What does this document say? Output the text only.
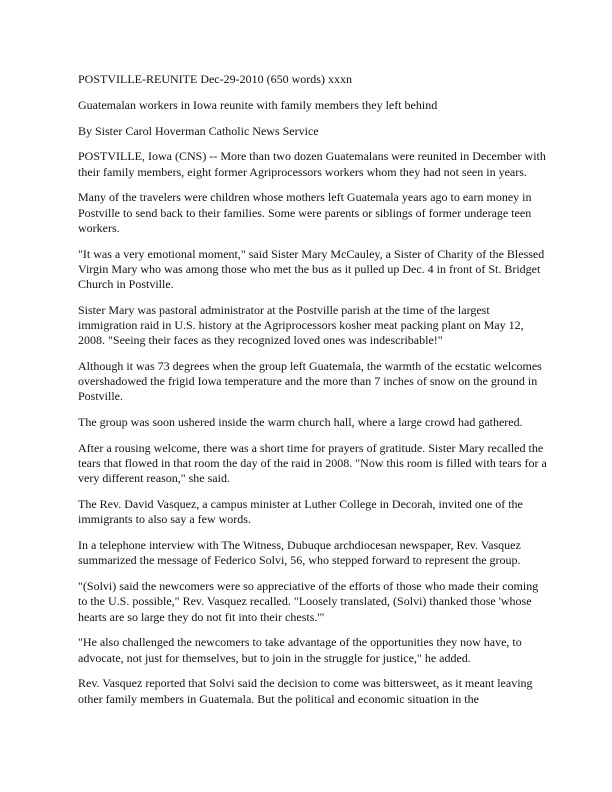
POSTVILLE-REUNITE Dec-29-2010 (650 words) xxxn

Guatemalan workers in Iowa reunite with family members they left behind

By Sister Carol Hoverman Catholic News Service

POSTVILLE, Iowa (CNS) -- More than two dozen Guatemalans were reunited in December with their family members, eight former Agriprocessors workers whom they had not seen in years.

Many of the travelers were children whose mothers left Guatemala years ago to earn money in Postville to send back to their families. Some were parents or siblings of former underage teen workers.

"It was a very emotional moment," said Sister Mary McCauley, a Sister of Charity of the Blessed Virgin Mary who was among those who met the bus as it pulled up Dec. 4 in front of St. Bridget Church in Postville.

Sister Mary was pastoral administrator at the Postville parish at the time of the largest immigration raid in U.S. history at the Agriprocessors kosher meat packing plant on May 12, 2008. "Seeing their faces as they recognized loved ones was indescribable!"

Although it was 73 degrees when the group left Guatemala, the warmth of the ecstatic welcomes overshadowed the frigid Iowa temperature and the more than 7 inches of snow on the ground in Postville.

The group was soon ushered inside the warm church hall, where a large crowd had gathered.

After a rousing welcome, there was a short time for prayers of gratitude. Sister Mary recalled the tears that flowed in that room the day of the raid in 2008. "Now this room is filled with tears for a very different reason," she said.

The Rev. David Vasquez, a campus minister at Luther College in Decorah, invited one of the immigrants to also say a few words.

In a telephone interview with The Witness, Dubuque archdiocesan newspaper, Rev. Vasquez summarized the message of Federico Solvi, 56, who stepped forward to represent the group.

"(Solvi) said the newcomers were so appreciative of the efforts of those who made their coming to the U.S. possible," Rev. Vasquez recalled. "Loosely translated, (Solvi) thanked those 'whose hearts are so large they do not fit into their chests.'"

"He also challenged the newcomers to take advantage of the opportunities they now have, to advocate, not just for themselves, but to join in the struggle for justice," he added.

Rev. Vasquez reported that Solvi said the decision to come was bittersweet, as it meant leaving other family members in Guatemala. But the political and economic situation in the
